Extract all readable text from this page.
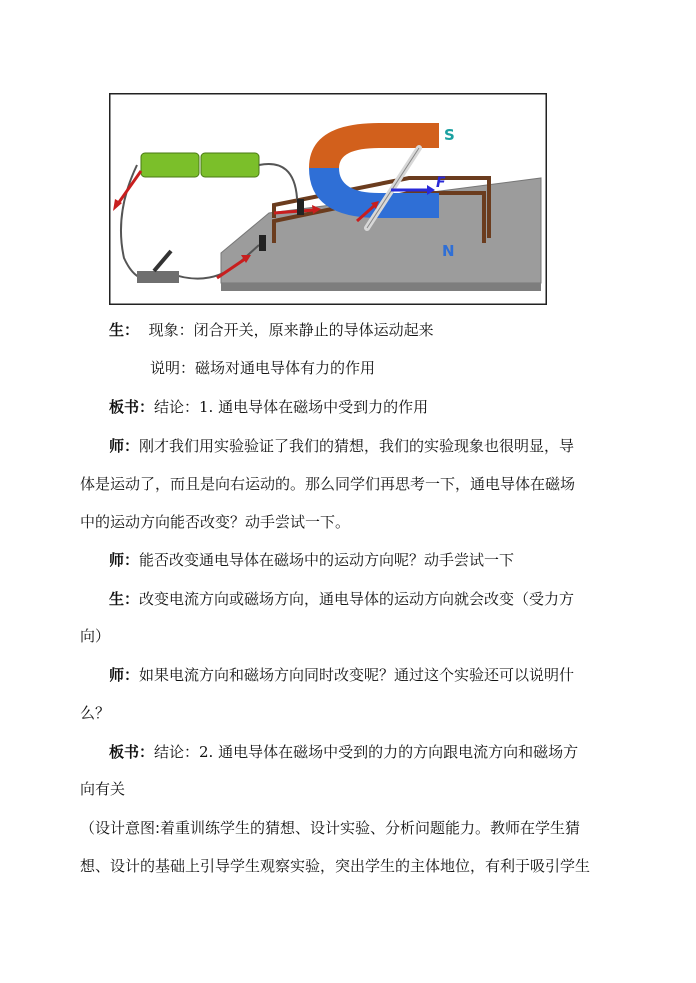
F
S
N
生： 现象：闭合开关，原来静止的导体运动起来
说明：磁场对通电导体有力的作用
板书：结论：1. 通电导体在磁场中受到力的作用
师：刚才我们用实验验证了我们的猜想，我们的实验现象也很明显，导
体是运动了，而且是向右运动的。那么同学们再思考一下，通电导体在磁场
中的运动方向能否改变？动手尝试一下。
师：能否改变通电导体在磁场中的运动方向呢？动手尝试一下
生：改变电流方向或磁场方向，通电导体的运动方向就会改变（受力方
向）
师：如果电流方向和磁场方向同时改变呢？通过这个实验还可以说明什
么？
板书：结论：2. 通电导体在磁场中受到的力的方向跟电流方向和磁场方
向有关
（设计意图:着重训练学生的猜想、设计实验、分析问题能力。教师在学生猜
想、设计的基础上引导学生观察实验，突出学生的主体地位，有利于吸引学生
